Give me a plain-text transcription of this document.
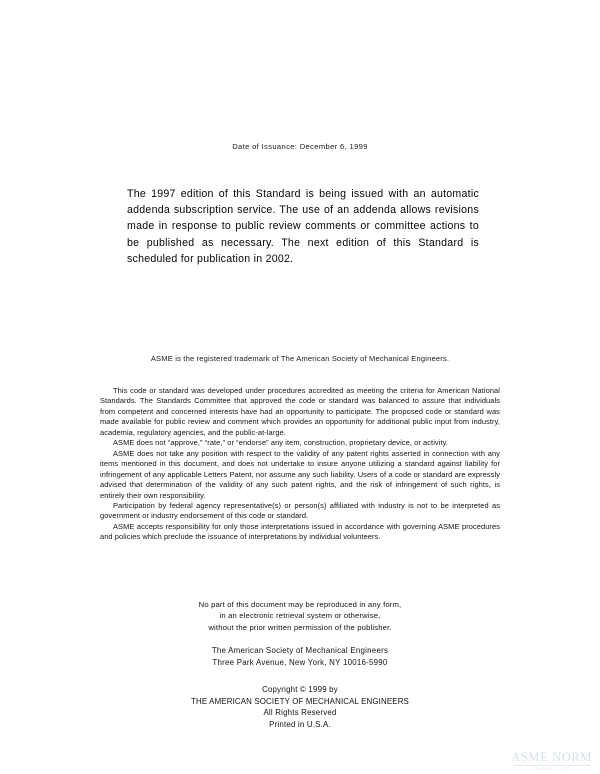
Date of Issuance: December 6, 1999

The 1997 edition of this Standard is being issued with an automatic addenda subscription service. The use of an addenda allows revisions made in response to public review comments or committee actions to be published as necessary. The next edition of this Standard is scheduled for publication in 2002.

ASME is the registered trademark of The American Society of Mechanical Engineers.

This code or standard was developed under procedures accredited as meeting the criteria for American National Standards. The Standards Committee that approved the code or standard was balanced to assure that individuals from competent and concerned interests have had an opportunity to participate. The proposed code or standard was made available for public review and comment which provides an opportunity for additional public input from industry, academia, regulatory agencies, and the public-at-large.

ASME does not “approve,” “rate,” or “endorse” any item, construction, proprietary device, or activity.

ASME does not take any position with respect to the validity of any patent rights asserted in connection with any items mentioned in this document, and does not undertake to insure anyone utilizing a standard against liability for infringement of any applicable Letters Patent, nor assume any such liability. Users of a code or standard are expressly advised that determination of the validity of any such patent rights, and the risk of infringement of such rights, is entirely their own responsibility.

Participation by federal agency representative(s) or person(s) affiliated with industry is not to be interpreted as government or industry endorsement of this code or standard.

ASME accepts responsibility for only those interpretations issued in accordance with governing ASME procedures and policies which preclude the issuance of interpretations by individual volunteers.

No part of this document may be reproduced in any form,
in an electronic retrieval system or otherwise,
without the prior written permission of the publisher.
The American Society of Mechanical Engineers
Three Park Avenue, New York, NY 10016-5990
Copyright © 1999 by
THE AMERICAN SOCIETY OF MECHANICAL ENGINEERS
All Rights Reserved
Printed in U.S.A.
ASME NORM
STANDARDS · .COM
